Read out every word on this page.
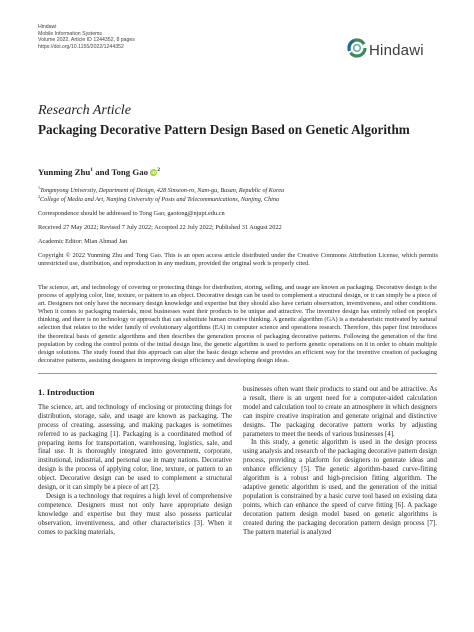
Hindawi
Mobile Information Systems
Volume 2022, Article ID 1244352, 8 pages
https://doi.org/10.1155/2022/1244352	Hindawi
Research Article
Packaging Decorative Pattern Design Based on Genetic Algorithm
Yunming Zhu$^1$ and Tong Gao $iD^2$
$^1$Tongmyong University, Department of Design, 428 Sinseon-ro, Nam-gu, Busan, Republic of Korea
$^2$College of Media and Art, Nanjing University of Posts and Telecommunications, Nanjing, China
Correspondence should be addressed to Tong Gao; gaotong@njupt.edu.cn
Received 27 May 2022; Revised 7 July 2022; Accepted 22 July 2022; Published 31 August 2022
Academic Editor: Mian Ahmad Jan
Copyright © 2022 Yunming Zhu and Tong Gao. This is an open access article distributed under the Creative Commons Attribution License, which permits unrestricted use, distribution, and reproduction in any medium, provided the original work is properly cited.
The science, art, and technology of covering or protecting things for distribution, storing, selling, and usage are known as packaging. Decorative design is the process of applying color, line, texture, or pattern to an object. Decorative design can be used to complement a structural design, or it can simply be a piece of art. Designers not only have the necessary design knowledge and expertise but they should also have certain observation, inventiveness, and other conditions. When it comes to packaging materials, most businesses want their products to be unique and attractive. The inventive design has entirely relied on people's thinking, and there is no technology or approach that can substitute human creative thinking. A genetic algorithm (GA) is a metaheuristic motivated by natural selection that relates to the wider family of evolutionary algorithms (EA) in computer science and operations research. Therefore, this paper first introduces the theoretical basis of genetic algorithms and then describes the generation process of packaging decorative patterns. Following the generation of the first population by coding the control points of the initial design line, the genetic algorithm is used to perform genetic operations on it in order to obtain multiple design solutions. The study found that this approach can alter the basic design scheme and provides an efficient way for the inventive creation of packaging decorative patterns, assisting designers in improving design efficiency and developing design ideas.
1. Introduction

The science, art, and technology of enclosing or protecting things for distribution, storage, sale, and usage are known as packaging. The process of creating, assessing, and making packages is sometimes referred to as packaging [1]. Packaging is a coordinated method of preparing items for transportation, warehousing, logistics, sale, and final use. It is thoroughly integrated into government, corporate, institutional, industrial, and personal use in many nations. Decorative design is the process of applying color, line, texture, or pattern to an object. Decorative design can be used to complement a structural design, or it can simply be a piece of art [2].

Design is a technology that requires a high level of comprehensive competence. Designers must not only have appropriate design knowledge and expertise but they must also possess particular observation, inventiveness, and other characteristics [3]. When it comes to packing materials,

businesses often want their products to stand out and be attractive. As a result, there is an urgent need for a computer-aided calculation model and calculation tool to create an atmosphere in which designers can inspire creative inspiration and generate original and distinctive designs. The packaging decorative pattern works by adjusting parameters to meet the needs of various businesses [4].

In this study, a genetic algorithm is used in the design process using analysis and research of the packaging decorative pattern design process, providing a platform for designers to generate ideas and enhance efficiency [5]. The genetic algorithm-based curve-fitting algorithm is a robust and high-precision fitting algorithm. The adaptive genetic algorithm is used, and the generation of the initial population is constrained by a basic curve tool based on existing data points, which can enhance the speed of curve fitting [6]. A package decoration pattern design model based on genetic algorithms is created during the packaging decoration pattern design process [7]. The pattern material is analyzed
